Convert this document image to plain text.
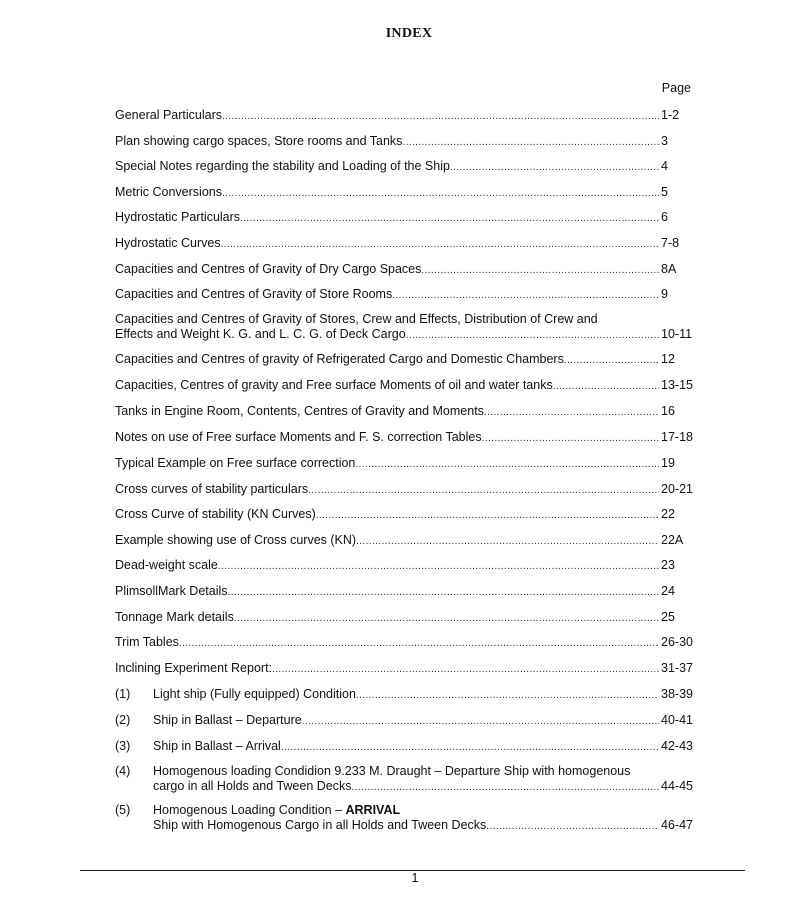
INDEX
Page
General Particulars .....	1-2
Plan showing cargo spaces, Store rooms and Tanks .....	3
Special Notes regarding the stability and Loading of the Ship .....	4
Metric Conversions .....	5
Hydrostatic Particulars .....	6
Hydrostatic Curves .....	7-8
Capacities and Centres of Gravity of Dry Cargo Spaces .....	8A
Capacities and Centres of Gravity of Store Rooms .....	9
Capacities and Centres of Gravity of Stores, Crew and Effects, Distribution of Crew and
Effects and Weight K. G. and L. C. G. of Deck Cargo .....	10-11
Capacities and Centres of gravity of Refrigerated Cargo and Domestic Chambers .....	12
Capacities, Centres of gravity and Free surface Moments of oil and water tanks .....	13-15
Tanks in Engine Room, Contents, Centres of Gravity and Moments .....	16
Notes on use of Free surface Moments and F. S. correction Tables .....	17-18
Typical Example on Free surface correction .....	19
Cross curves of stability particulars .....	20-21
Cross Curve of stability (KN Curves) .....	22
Example showing use of Cross curves (KN) .....	22A
Dead-weight scale .....	23
PlimsollMark Details .....	24
Tonnage Mark details .....	25
Trim Tables .....	26-30
Inclining Experiment Report: .....	31-37
(1)	Light ship (Fully equipped) Condition .....	38-39
(2)	Ship in Ballast – Departure .....	40-41
(3)	Ship in Ballast – Arrival .....	42-43
(4)	Homogenous loading Condidion 9.233 M. Draught – Departure Ship with homogenous
cargo in all Holds and Tween Decks .....	44-45
(5)	Homogenous Loading Condition – ARRIVAL
Ship with Homogenous Cargo in all Holds and Tween Decks .....	46-47
1
